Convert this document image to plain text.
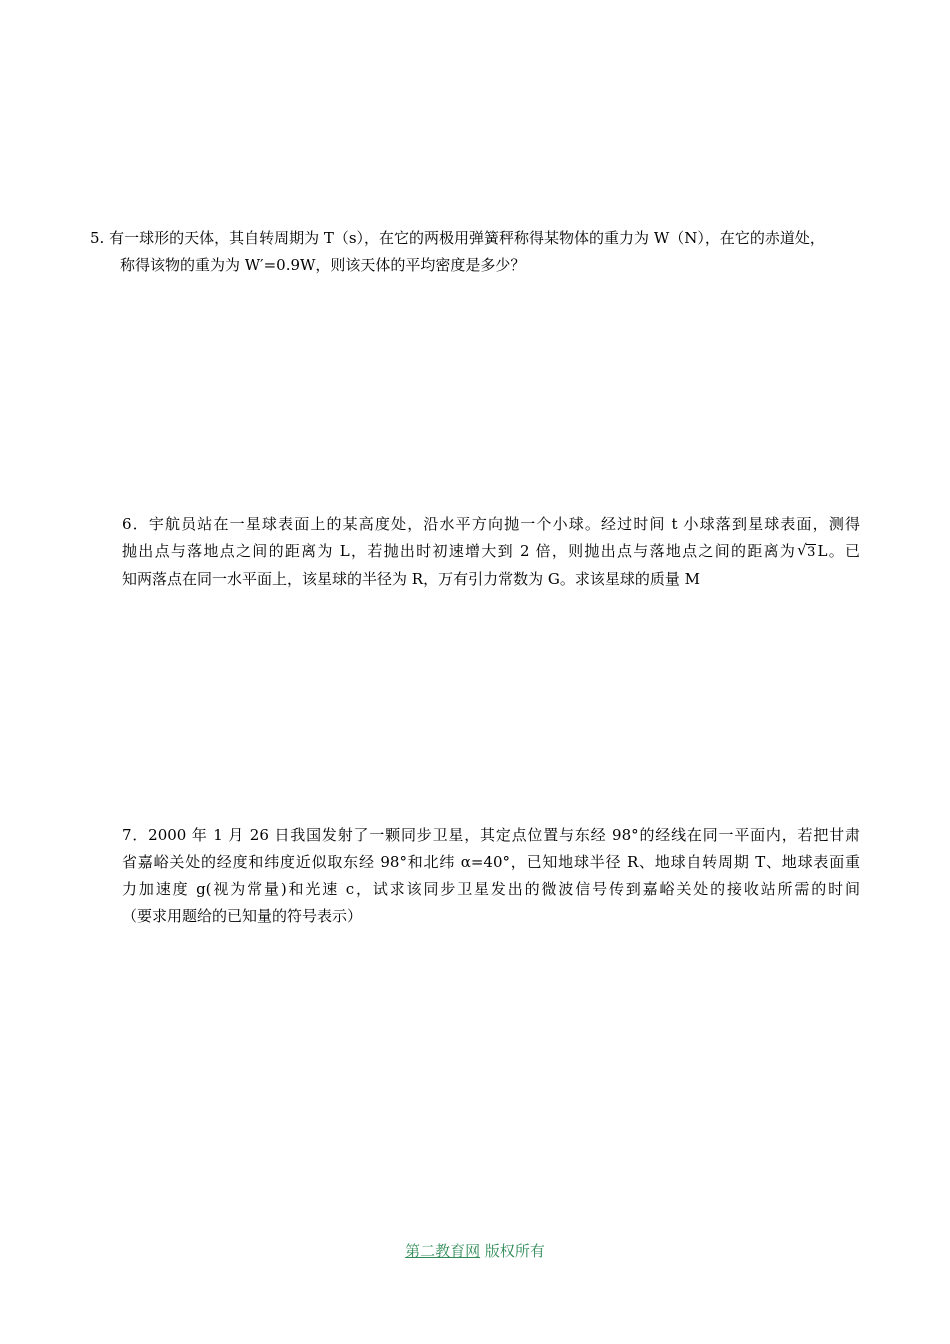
5. 有一球形的天体，其自转周期为 T（s），在它的两极用弹簧秤称得某物体的重力为 W（N），在它的赤道处，
称得该物的重为为 W′=0.9W，则该天体的平均密度是多少？
6．宇航员站在一星球表面上的某高度处，沿水平方向抛一个小球。经过时间 t 小球落到星球表面，测得
抛出点与落地点之间的距离为 L，若抛出时初速增大到 2 倍，则抛出点与落地点之间的距离为√ 3 L。已
知两落点在同一水平面上，该星球的半径为 R，万有引力常数为 G。求该星球的质量 M
7．2000 年 1 月 26 日我国发射了一颗同步卫星，其定点位置与东经 98°的经线在同一平面内，若把甘肃
省嘉峪关处的经度和纬度近似取东经 98°和北纬 α=40°，已知地球半径 R、地球自转周期 T、地球表面重
力加速度 g(视为常量)和光速 c，试求该同步卫星发出的微波信号传到嘉峪关处的接收站所需的时间
（要求用题给的已知量的符号表示）
第二教育网 版权所有
